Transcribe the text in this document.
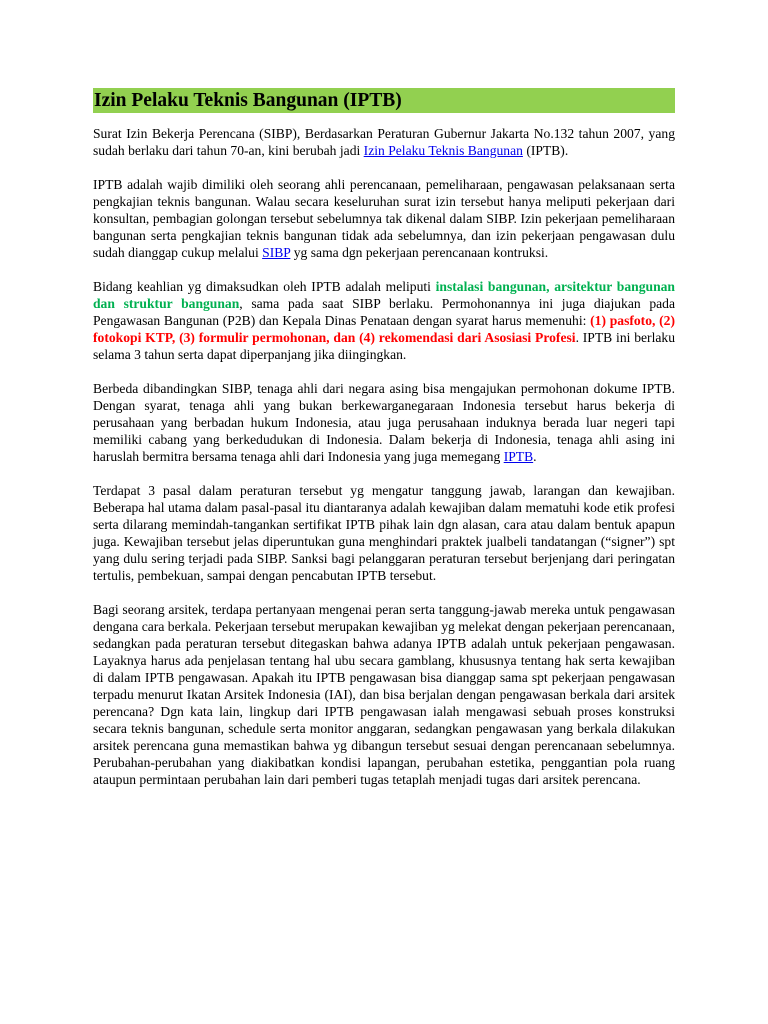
Izin Pelaku Teknis Bangunan (IPTB)

Surat Izin Bekerja Perencana (SIBP), Berdasarkan Peraturan Gubernur Jakarta No.132 tahun 2007, yang sudah berlaku dari tahun 70-an, kini berubah jadi Izin Pelaku Teknis Bangunan (IPTB).

IPTB adalah wajib dimiliki oleh seorang ahli perencanaan, pemeliharaan, pengawasan pelaksanaan serta pengkajian teknis bangunan. Walau secara keseluruhan surat izin tersebut hanya meliputi pekerjaan dari konsultan, pembagian golongan tersebut sebelumnya tak dikenal dalam SIBP. Izin pekerjaan pemeliharaan bangunan serta pengkajian teknis bangunan tidak ada sebelumnya, dan izin pekerjaan pengawasan dulu sudah dianggap cukup melalui SIBP yg sama dgn pekerjaan perencanaan kontruksi.

Bidang keahlian yg dimaksudkan oleh IPTB adalah meliputi instalasi bangunan, arsitektur bangunan dan struktur bangunan, sama pada saat SIBP berlaku. Permohonannya ini juga diajukan pada Pengawasan Bangunan (P2B) dan Kepala Dinas Penataan dengan syarat harus memenuhi: (1) pasfoto, (2) fotokopi KTP, (3) formulir permohonan, dan (4) rekomendasi dari Asosiasi Profesi. IPTB ini berlaku selama 3 tahun serta dapat diperpanjang jika diingingkan.

Berbeda dibandingkan SIBP, tenaga ahli dari negara asing bisa mengajukan permohonan dokume IPTB. Dengan syarat, tenaga ahli yang bukan berkewarganegaraan Indonesia tersebut harus bekerja di perusahaan yang berbadan hukum Indonesia, atau juga perusahaan induknya berada luar negeri tapi memiliki cabang yang berkedudukan di Indonesia. Dalam bekerja di Indonesia, tenaga ahli asing ini haruslah bermitra bersama tenaga ahli dari Indonesia yang juga memegang IPTB.

Terdapat 3 pasal dalam peraturan tersebut yg mengatur tanggung jawab, larangan dan kewajiban. Beberapa hal utama dalam pasal-pasal itu diantaranya adalah kewajiban dalam mematuhi kode etik profesi serta dilarang memindah-tangankan sertifikat IPTB pihak lain dgn alasan, cara atau dalam bentuk apapun juga. Kewajiban tersebut jelas diperuntukan guna menghindari praktek jualbeli tandatangan (“signer”) spt yang dulu sering terjadi pada SIBP. Sanksi bagi pelanggaran peraturan tersebut berjenjang dari peringatan tertulis, pembekuan, sampai dengan pencabutan IPTB tersebut.

Bagi seorang arsitek, terdapa pertanyaan mengenai peran serta tanggung-jawab mereka untuk pengawasan dengana cara berkala. Pekerjaan tersebut merupakan kewajiban yg melekat dengan pekerjaan perencanaan, sedangkan pada peraturan tersebut ditegaskan bahwa adanya IPTB adalah untuk pekerjaan pengawasan. Layaknya harus ada penjelasan tentang hal ubu secara gamblang, khususnya tentang hak serta kewajiban di dalam IPTB pengawasan. Apakah itu IPTB pengawasan bisa dianggap sama spt pekerjaan pengawasan terpadu menurut Ikatan Arsitek Indonesia (IAI), dan bisa berjalan dengan pengawasan berkala dari arsitek perencana? Dgn kata lain, lingkup dari IPTB pengawasan ialah mengawasi sebuah proses konstruksi secara teknis bangunan, schedule serta monitor anggaran, sedangkan pengawasan yang berkala dilakukan arsitek perencana guna memastikan bahwa yg dibangun tersebut sesuai dengan perencanaan sebelumnya. Perubahan-perubahan yang diakibatkan kondisi lapangan, perubahan estetika, penggantian pola ruang ataupun permintaan perubahan lain dari pemberi tugas tetaplah menjadi tugas dari arsitek perencana.
